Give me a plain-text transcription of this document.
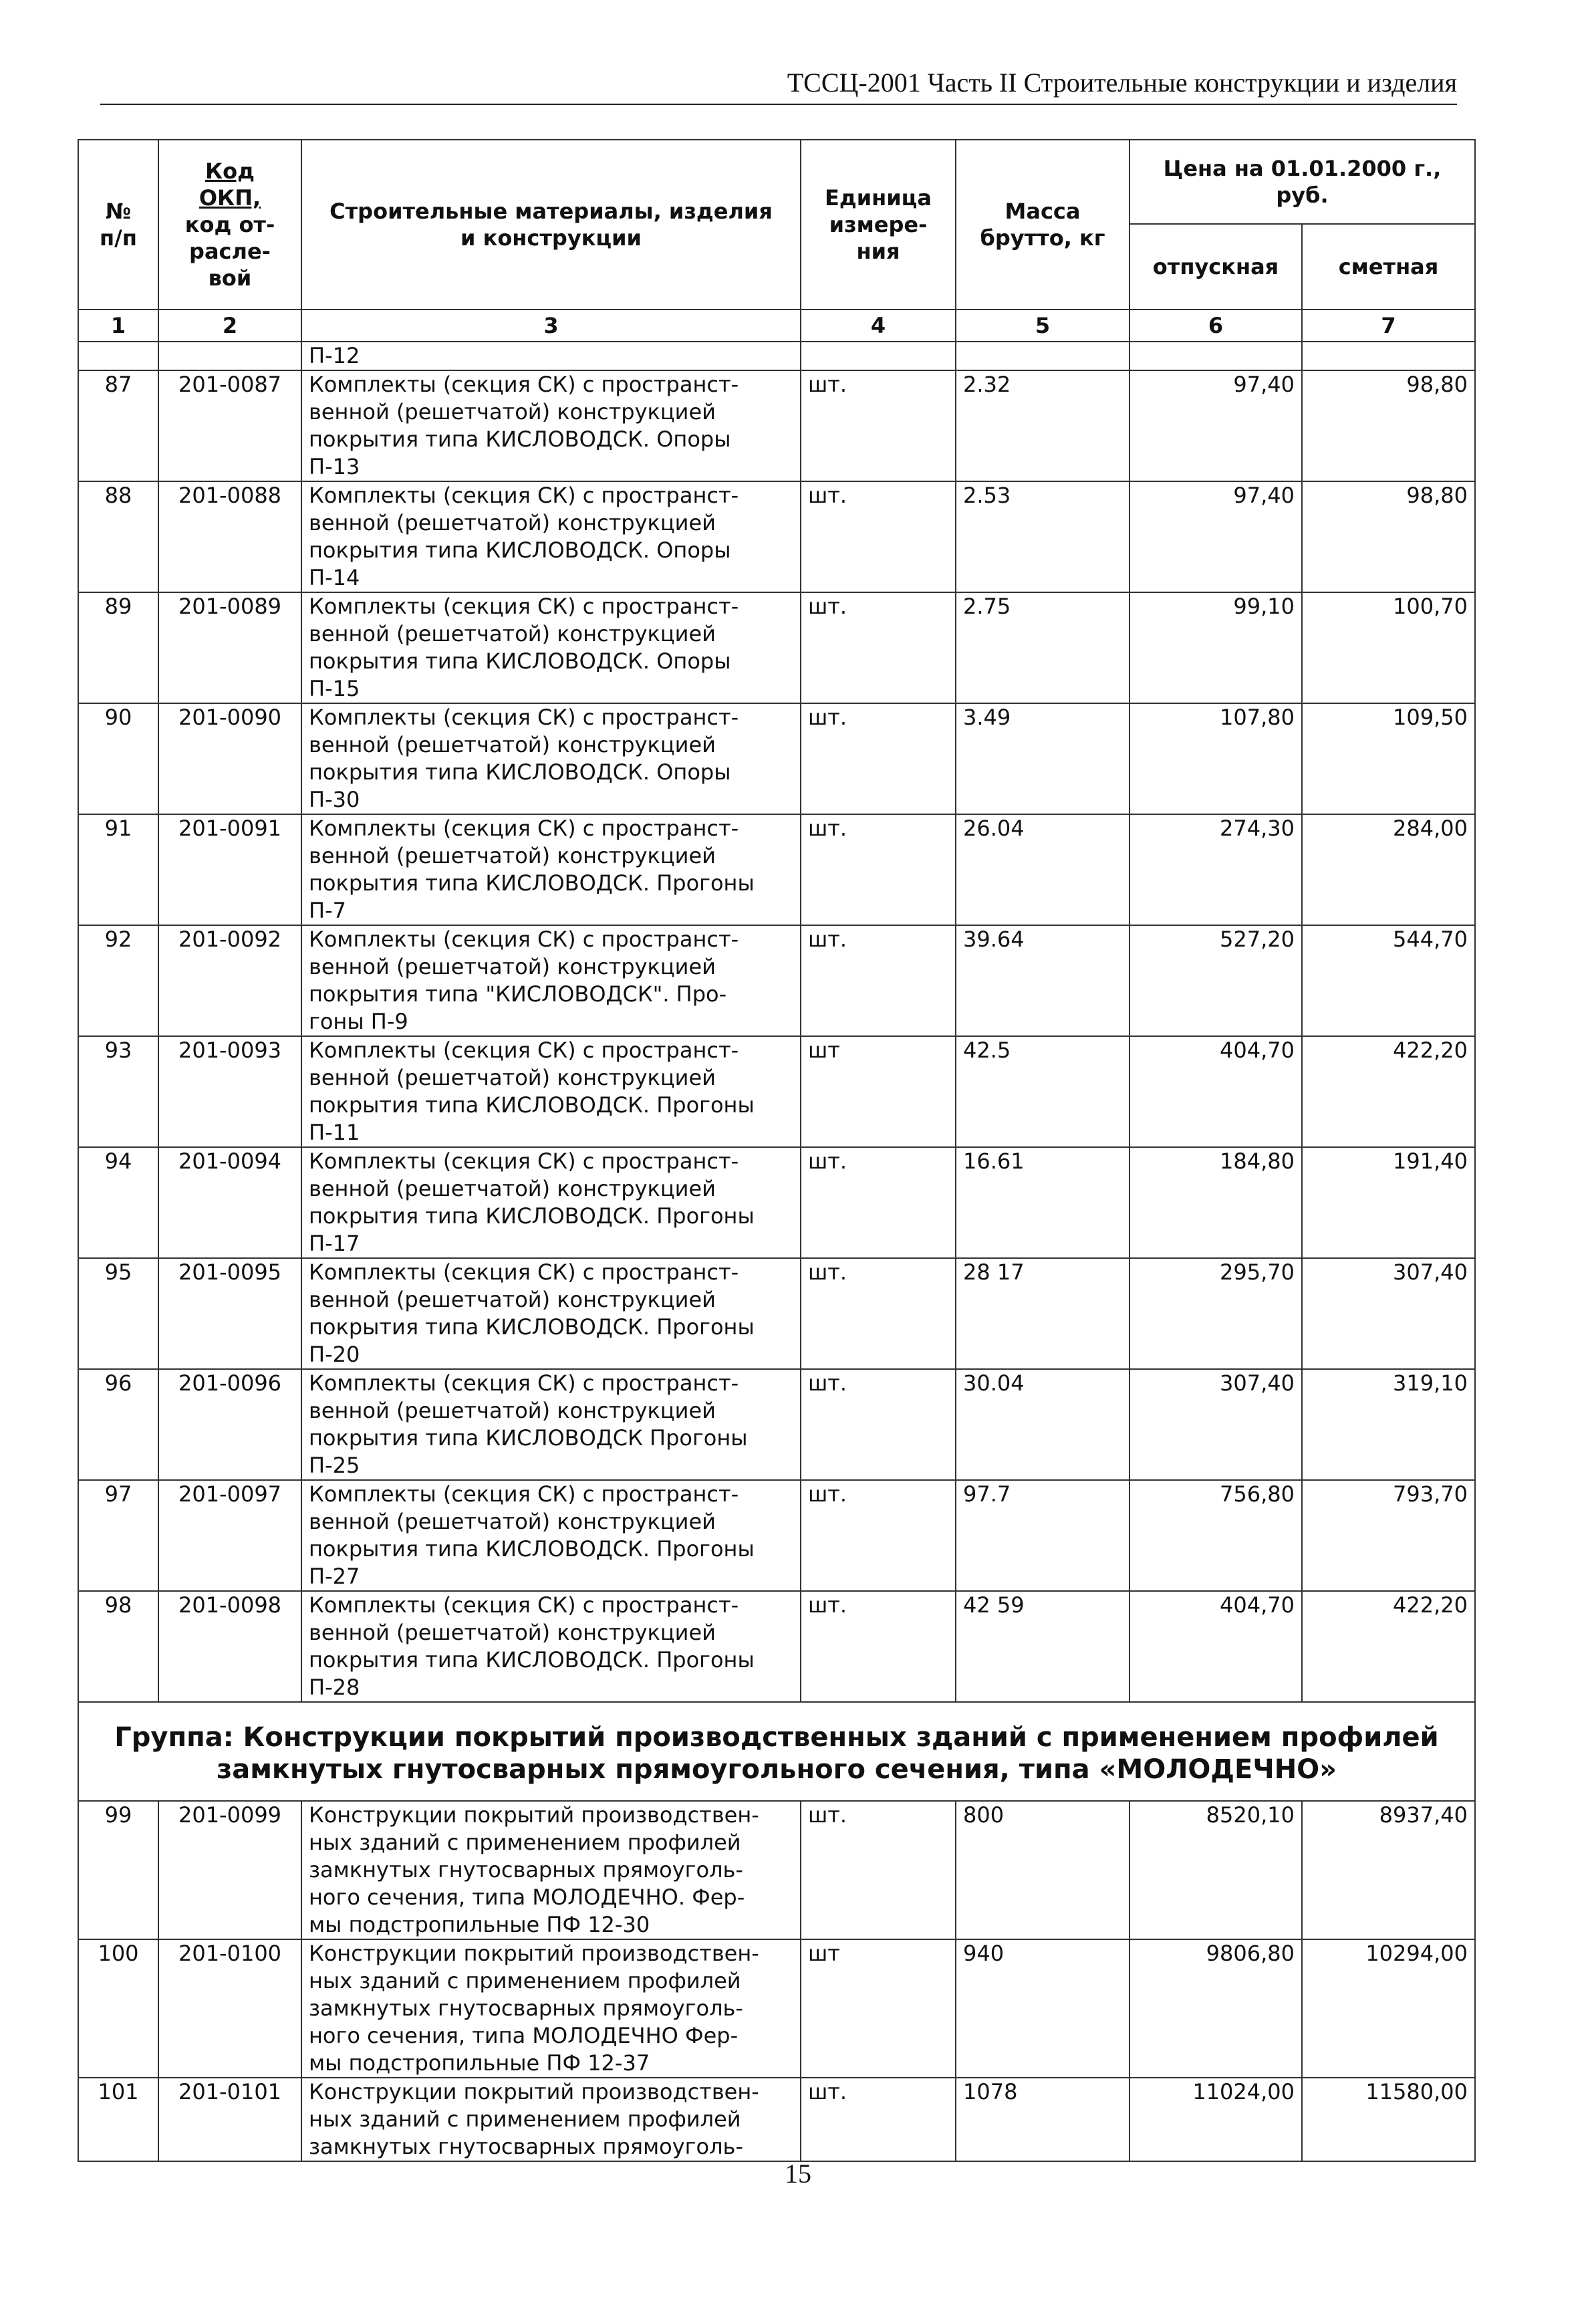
ТССЦ-2001 Часть II Строительные конструкции и изделия
№
п/п	Код
ОКП,
код от-
расле-
вой	Строительные материалы, изделия
и конструкции	Единица
измере-
ния	Масса
брутто, кг	Цена на 01.01.2000 г.,
руб.	

					отпускная	сметная
1	2	3	4	5	6	7
		П-12				
87	201-0087	Комплекты (секция СК) с пространст-
венной (решетчатой) конструкцией
покрытия типа КИСЛОВОДСК. Опоры
П-13	шт.	2.32	97,40	98,80
88	201-0088	Комплекты (секция СК) с пространст-
венной (решетчатой) конструкцией
покрытия типа КИСЛОВОДСК. Опоры
П-14	шт.	2.53	97,40	98,80
89	201-0089	Комплекты (секция СК) с пространст-
венной (решетчатой) конструкцией
покрытия типа КИСЛОВОДСК. Опоры
П-15	шт.	2.75	99,10	100,70
90	201-0090	Комплекты (секция СК) с пространст-
венной (решетчатой) конструкцией
покрытия типа КИСЛОВОДСК. Опоры
П-30	шт.	3.49	107,80	109,50
91	201-0091	Комплекты (секция СК) с пространст-
венной (решетчатой) конструкцией
покрытия типа КИСЛОВОДСК. Прогоны
П-7	шт.	26.04	274,30	284,00
92	201-0092	Комплекты (секция СК) с пространст-
венной (решетчатой) конструкцией
покрытия типа "КИСЛОВОДСК". Про-
гоны П-9	шт.	39.64	527,20	544,70
93	201-0093	Комплекты (секция СК) с пространст-
венной (решетчатой) конструкцией
покрытия типа КИСЛОВОДСК. Прогоны
П-11	шт	42.5	404,70	422,20
94	201-0094	Комплекты (секция СК) с пространст-
венной (решетчатой) конструкцией
покрытия типа КИСЛОВОДСК. Прогоны
П-17	шт.	16.61	184,80	191,40
95	201-0095	Комплекты (секция СК) с пространст-
венной (решетчатой) конструкцией
покрытия типа КИСЛОВОДСК. Прогоны
П-20	шт.	28 17	295,70	307,40
96	201-0096	Комплекты (секция СК) с пространст-
венной (решетчатой) конструкцией
покрытия типа КИСЛОВОДСК Прогоны
П-25	шт.	30.04	307,40	319,10
97	201-0097	Комплекты (секция СК) с пространст-
венной (решетчатой) конструкцией
покрытия типа КИСЛОВОДСК. Прогоны
П-27	шт.	97.7	756,80	793,70
98	201-0098	Комплекты (секция СК) с пространст-
венной (решетчатой) конструкцией
покрытия типа КИСЛОВОДСК. Прогоны
П-28	шт.	42 59	404,70	422,20

Группа: Конструкции покрытий производственных зданий с применением профилей
замкнутых гнутосварных прямоугольного сечения, типа «МОЛОДЕЧНО»						

99	201-0099	Конструкции покрытий производствен-
ных зданий с применением профилей
замкнутых гнутосварных прямоуголь-
ного сечения, типа МОЛОДЕЧНО. Фер-
мы подстропильные ПФ 12-30	шт.	800	8520,10	8937,40
100	201-0100	Конструкции покрытий производствен-
ных зданий с применением профилей
замкнутых гнутосварных прямоуголь-
ного сечения, типа МОЛОДЕЧНО Фер-
мы подстропильные ПФ 12-37	шт	940	9806,80	10294,00
101	201-0101	Конструкции покрытий производствен-
ных зданий с применением профилей
замкнутых гнутосварных прямоуголь-	шт.	1078	11024,00	11580,00
15
